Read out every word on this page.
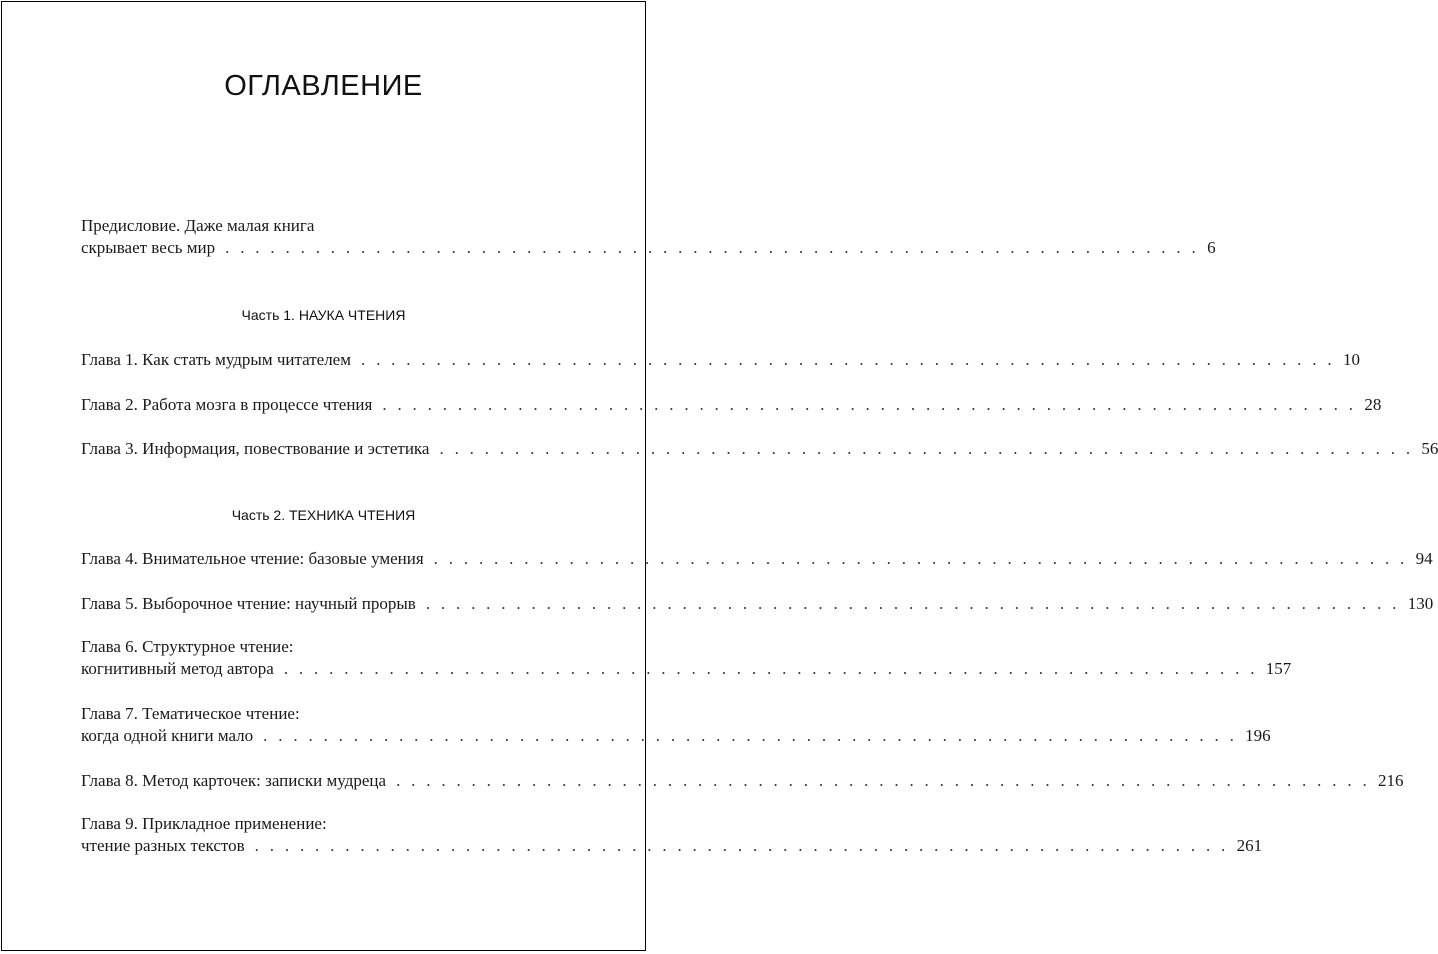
ОГЛАВЛЕНИЕ
Предисловие. Даже малая книга
скрывает весь мир . . . . . . . . . . . . . . . . . . . . . . . . . . . . . . . . . . . . . . . . . . . . . . . . . . . . . . . . . . . . . . . . . 6
Часть 1. НАУКА ЧТЕНИЯ
Глава 1. Как стать мудрым читателем . . . . . . . . . . . . . . . . . . . . . . . . . . . . . . . . . . . . . . . . . . . . . . . . . . . . . . . . . . . . . . . . . 10
Глава 2. Работа мозга в процессе чтения . . . . . . . . . . . . . . . . . . . . . . . . . . . . . . . . . . . . . . . . . . . . . . . . . . . . . . . . . . . . . . . . . 28
Глава 3. Информация, повествование и эстетика . . . . . . . . . . . . . . . . . . . . . . . . . . . . . . . . . . . . . . . . . . . . . . . . . . . . . . . . . . . . . . . . . 56
Часть 2. ТЕХНИКА ЧТЕНИЯ
Глава 4. Внимательное чтение: базовые умения . . . . . . . . . . . . . . . . . . . . . . . . . . . . . . . . . . . . . . . . . . . . . . . . . . . . . . . . . . . . . . . . . 94
Глава 5. Выборочное чтение: научный прорыв . . . . . . . . . . . . . . . . . . . . . . . . . . . . . . . . . . . . . . . . . . . . . . . . . . . . . . . . . . . . . . . . . 130
Глава 6. Структурное чтение:
когнитивный метод автора . . . . . . . . . . . . . . . . . . . . . . . . . . . . . . . . . . . . . . . . . . . . . . . . . . . . . . . . . . . . . . . . . 157
Глава 7. Тематическое чтение:
когда одной книги мало . . . . . . . . . . . . . . . . . . . . . . . . . . . . . . . . . . . . . . . . . . . . . . . . . . . . . . . . . . . . . . . . . 196
Глава 8. Метод карточек: записки мудреца . . . . . . . . . . . . . . . . . . . . . . . . . . . . . . . . . . . . . . . . . . . . . . . . . . . . . . . . . . . . . . . . . 216
Глава 9. Прикладное применение:
чтение разных текстов . . . . . . . . . . . . . . . . . . . . . . . . . . . . . . . . . . . . . . . . . . . . . . . . . . . . . . . . . . . . . . . . . 261
